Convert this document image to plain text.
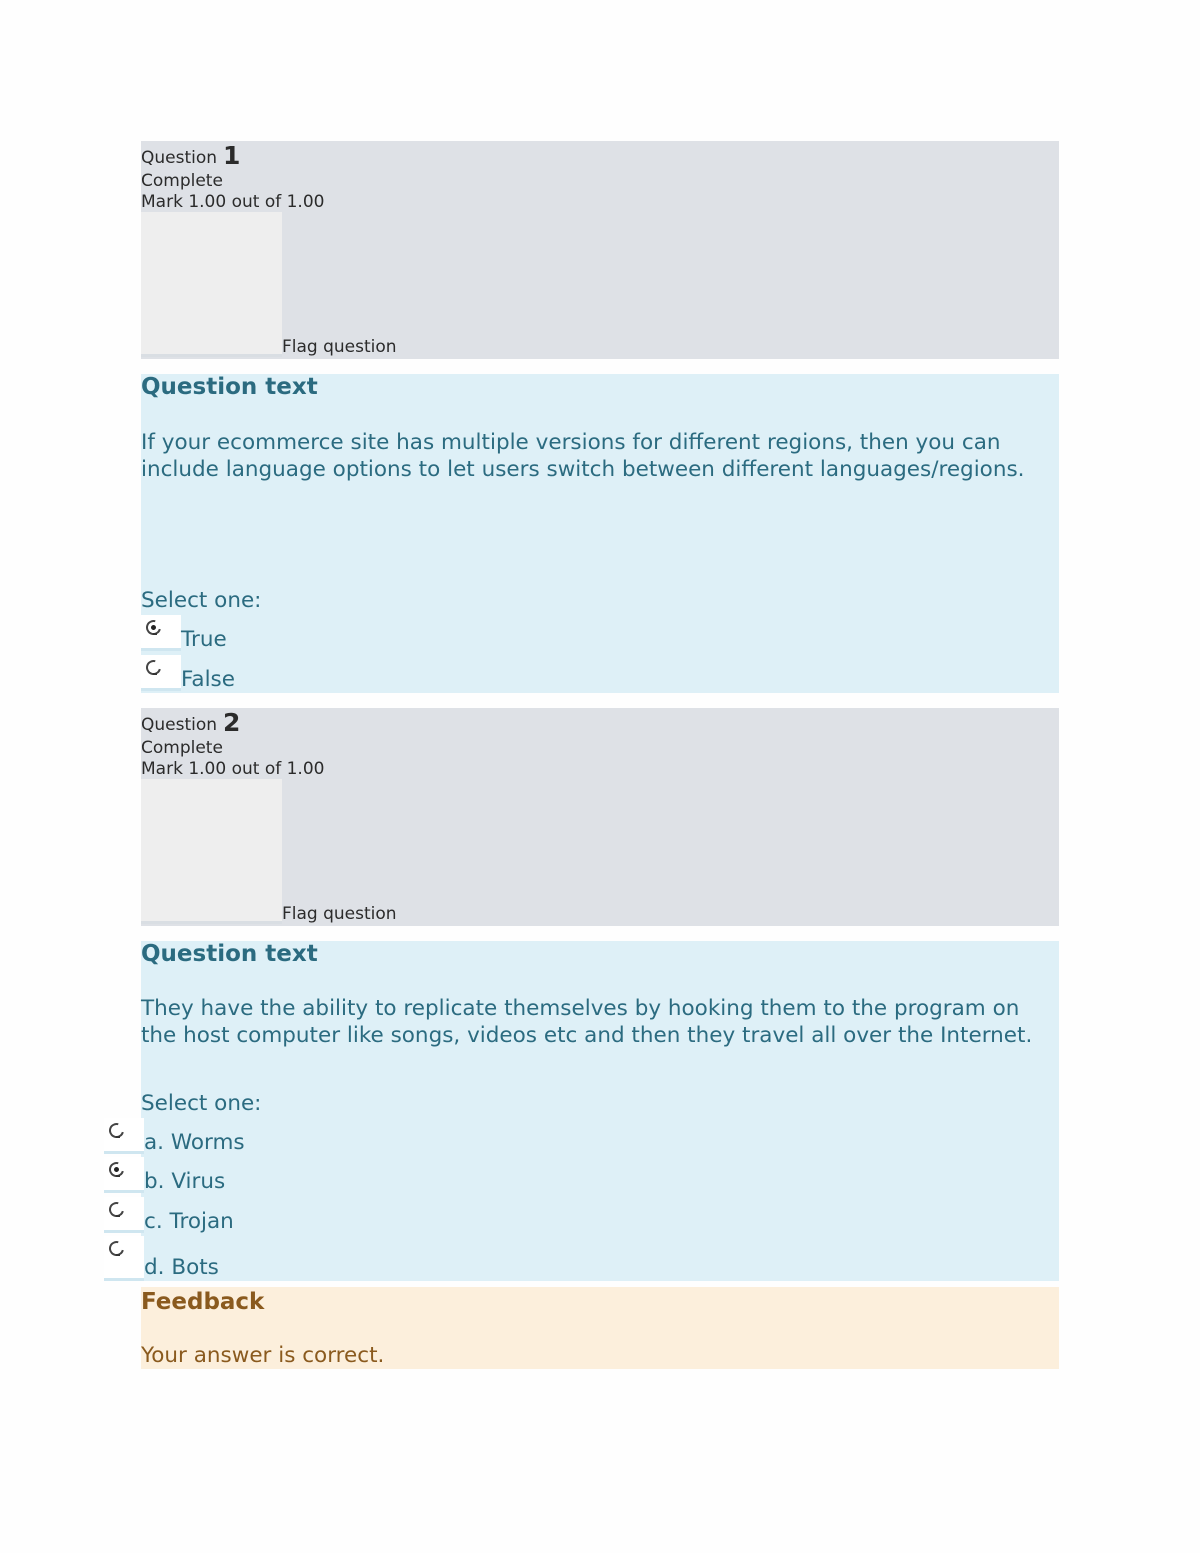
Question 1
Complete
Mark 1.00 out of 1.00
Flag question
Question text
If your ecommerce site has multiple versions for different regions, then you can include language options to let users switch between different languages/regions.
Select one:
True
False
Question 2
Complete
Mark 1.00 out of 1.00
Flag question
Question text
They have the ability to replicate themselves by hooking them to the program on the host computer like songs, videos etc and then they travel all over the Internet.
Select one:
a. Worms
b. Virus
c. Trojan
d. Bots
Feedback
Your answer is correct.
